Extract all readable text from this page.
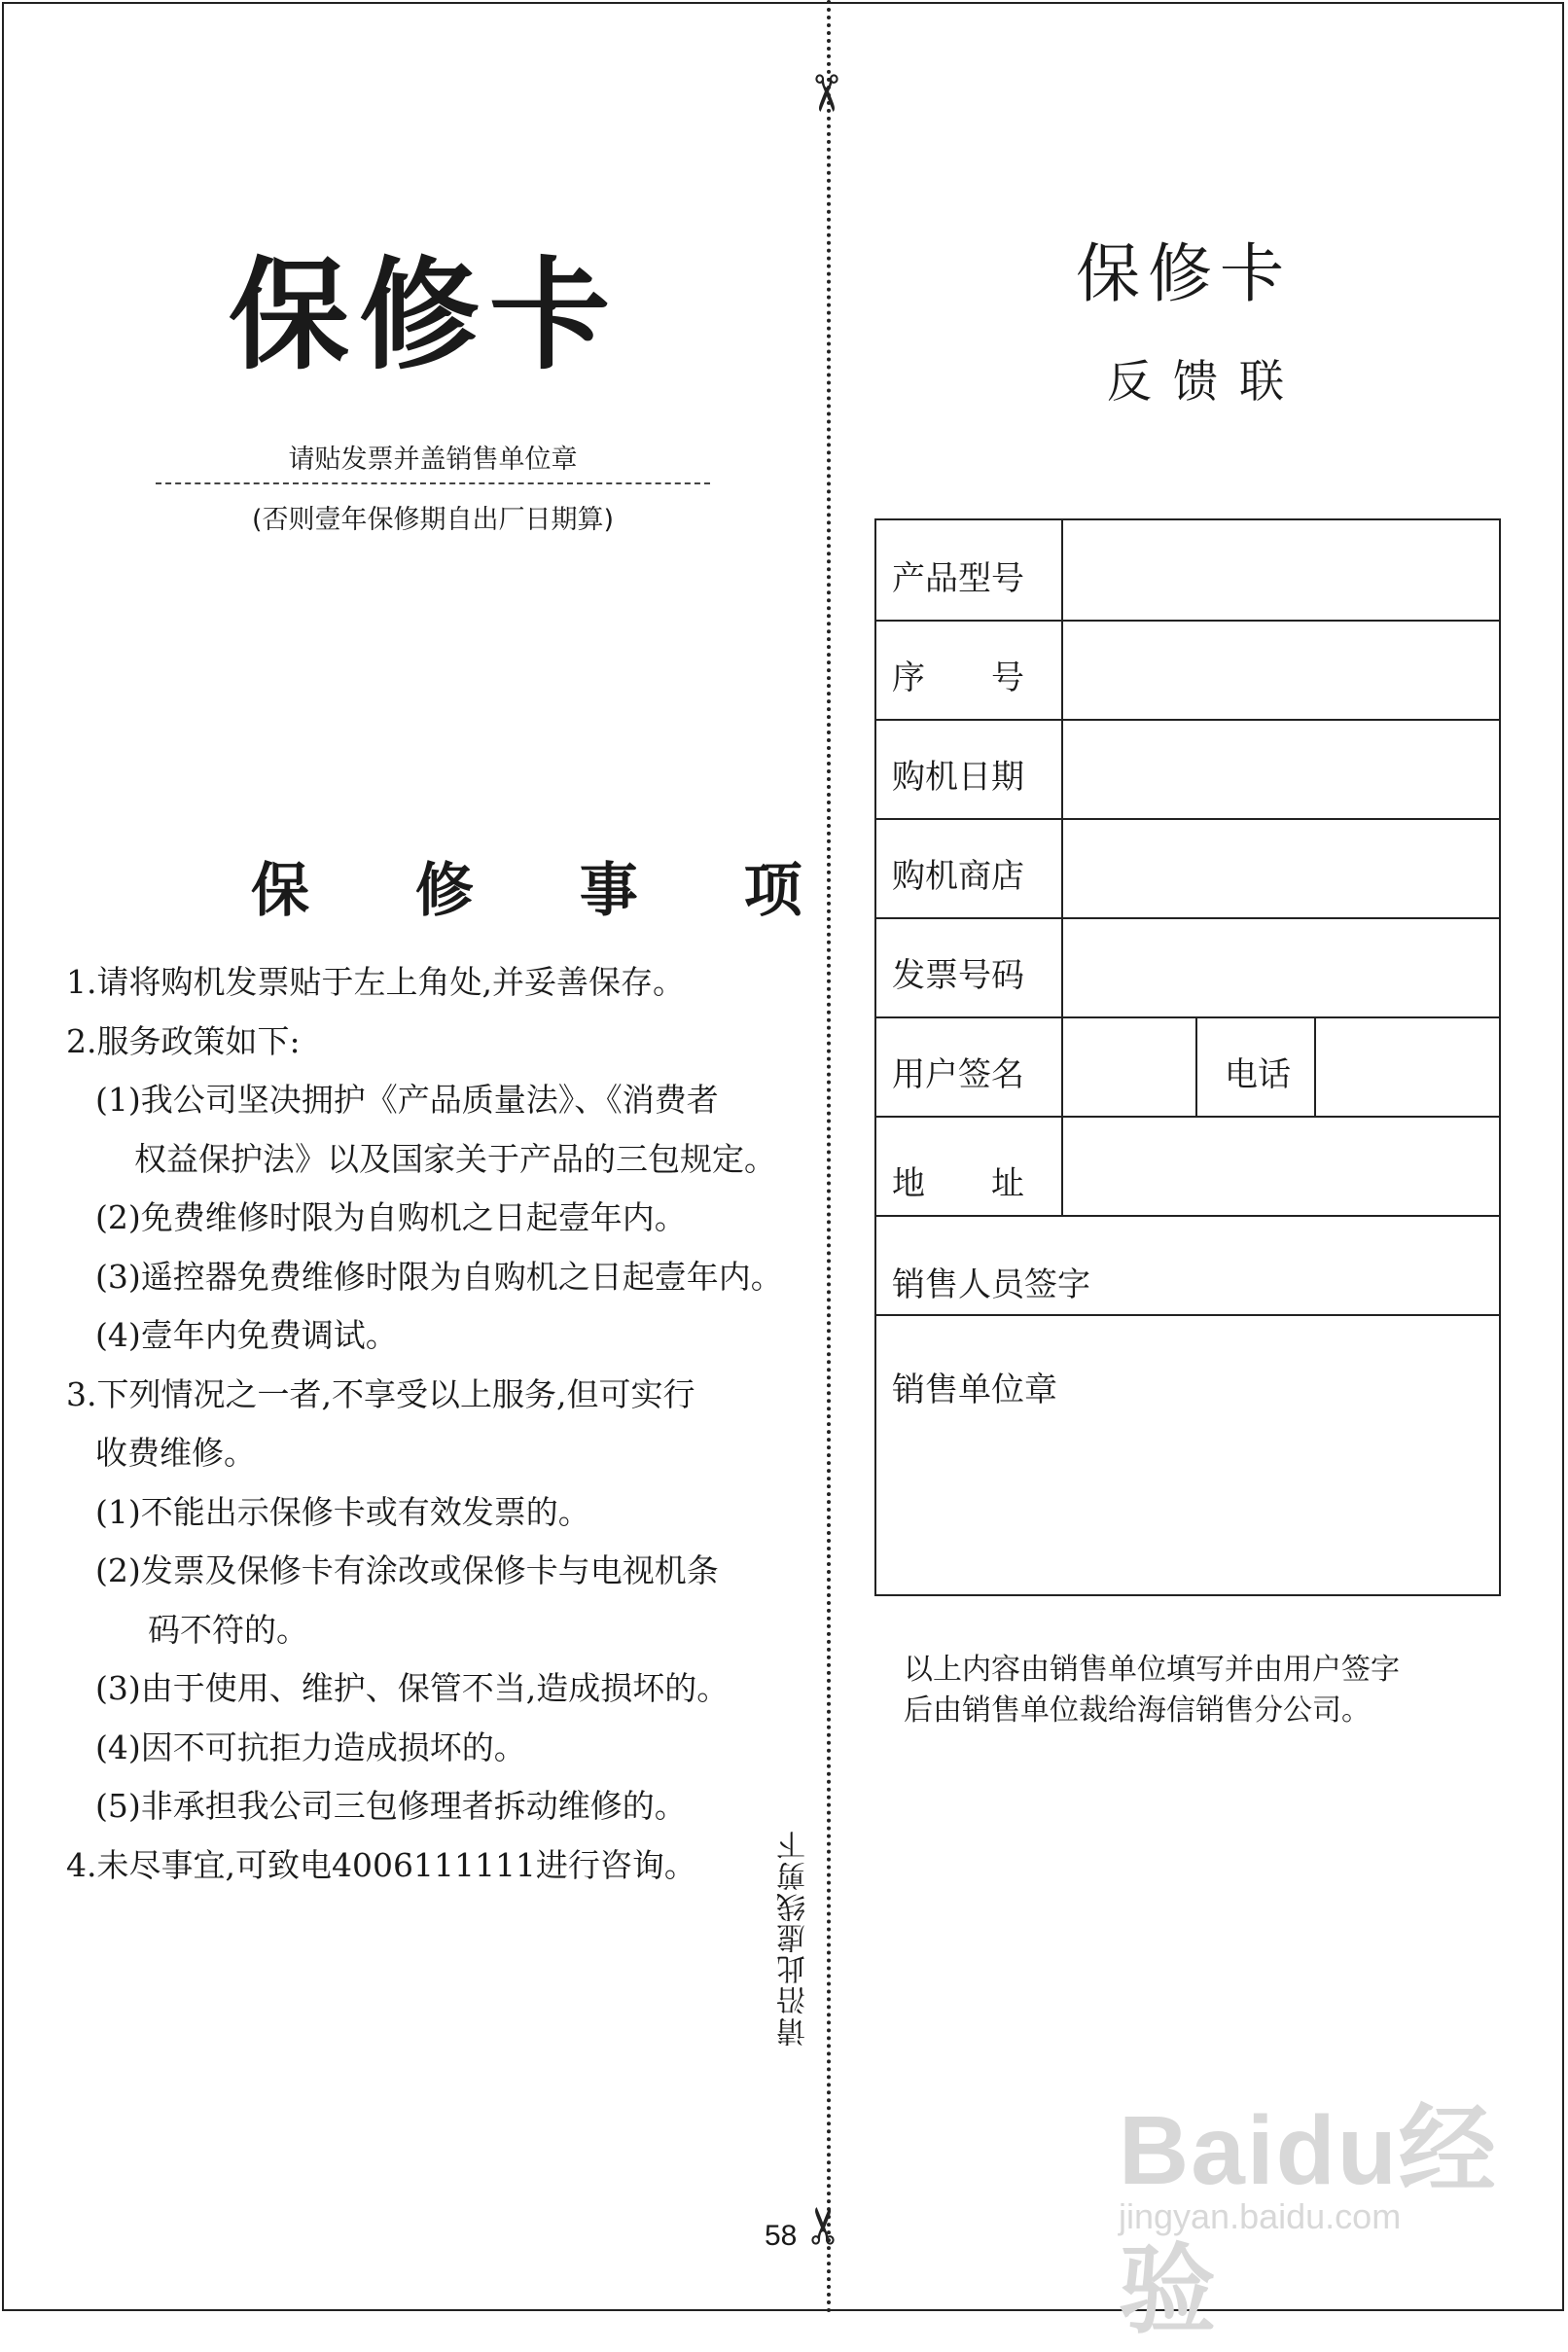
✂
✂
请沿此虚线剪下
58
保修卡
请贴发票并盖销售单位章
(否则壹年保修期自出厂日期算)
保 修 事 项
1.请将购机发票贴于左上角处,并妥善保存。
2.服务政策如下:
(1)我公司坚决拥护《产品质量法》、《消费者
权益保护法》以及国家关于产品的三包规定。
(2)免费维修时限为自购机之日起壹年内。
(3)遥控器免费维修时限为自购机之日起壹年内。
(4)壹年内免费调试。
3.下列情况之一者,不享受以上服务,但可实行
收费维修。
(1)不能出示保修卡或有效发票的。
(2)发票及保修卡有涂改或保修卡与电视机条
码不符的。
(3)由于使用、维护、保管不当,造成损坏的。
(4)因不可抗拒力造成损坏的。
(5)非承担我公司三包修理者拆动维修的。
4.未尽事宜,可致电4006111111进行咨询。
保修卡
反馈联
产品型号
序　　号
购机日期
购机商店
发票号码
用户签名	电话
地　　址
销售人员签字
销售单位章
以上内容由销售单位填写并由用户签字
后由销售单位裁给海信销售分公司。
Baidu经验
jingyan.baidu.com
